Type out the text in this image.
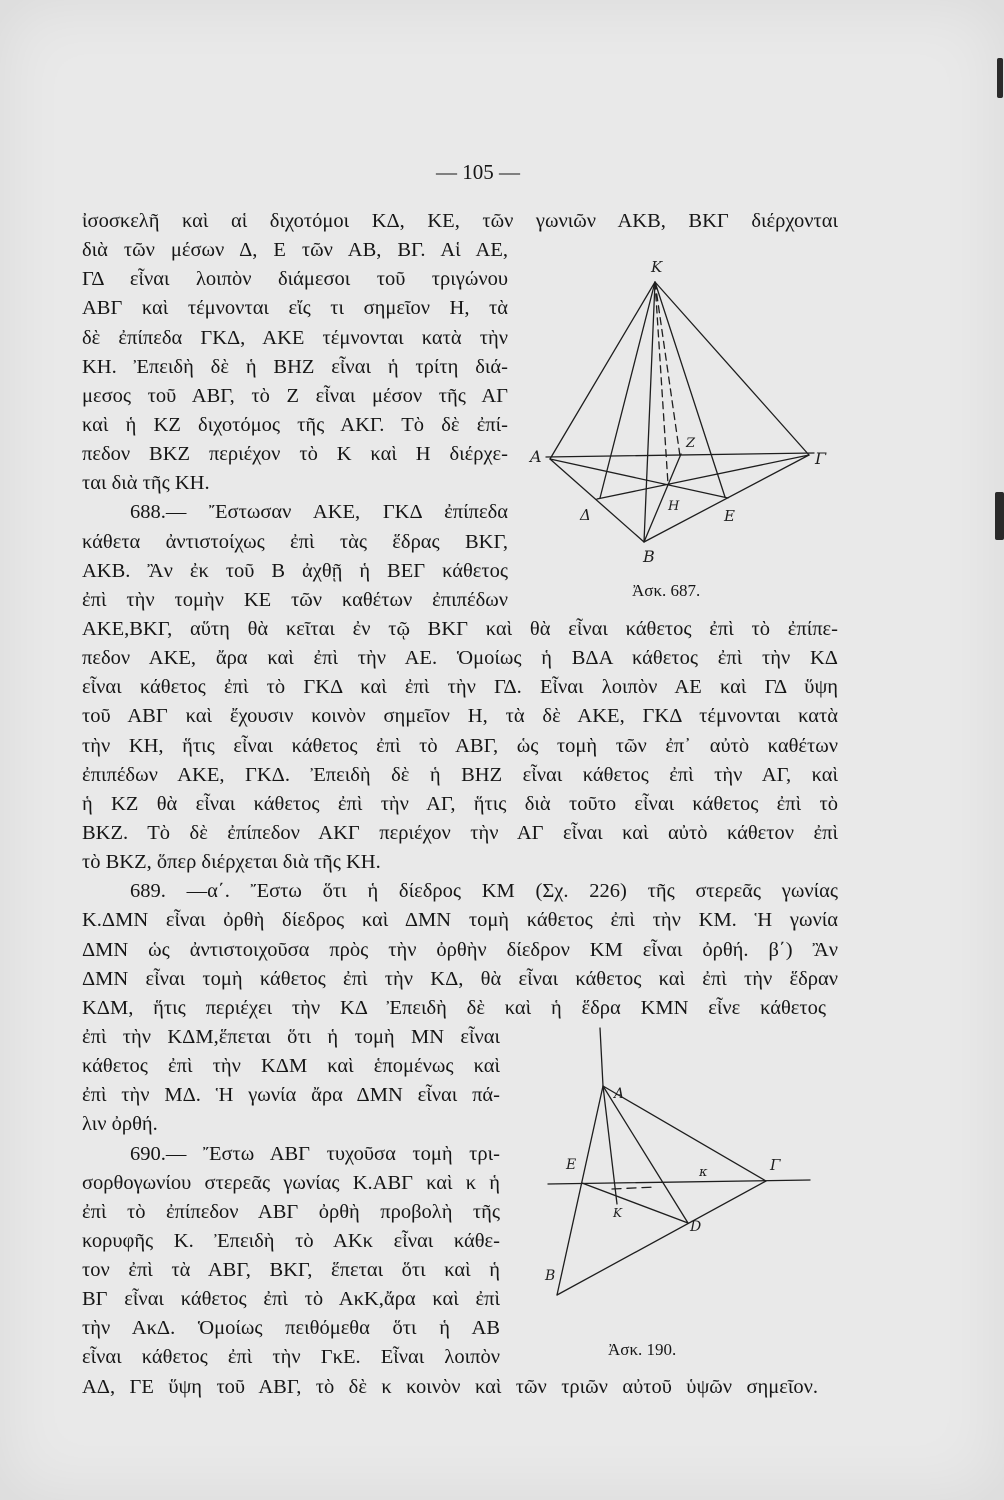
— 105 —
ἰσοσκελῆ καὶ αἱ διχοτόμοι ΚΔ, ΚΕ, τῶν γωνιῶν ΑΚΒ, ΒΚΓ διέρχονται
διὰ τῶν μέσων Δ, Ε τῶν ΑΒ, ΒΓ. Αἱ ΑΕ,
ΓΔ εἶναι λοιπὸν διάμεσοι τοῦ τριγώνου
ΑΒΓ καὶ τέμνονται εἴς τι σημεῖον Η, τὰ
δὲ ἐπίπεδα ΓΚΔ, ΑΚΕ τέμνονται κατὰ τὴν
ΚΗ. Ἐπειδὴ δὲ ἡ ΒΗΖ εἶναι ἡ τρίτη διά-
μεσος τοῦ ΑΒΓ, τὸ Ζ εἶναι μέσον τῆς ΑΓ
καὶ ἡ ΚΖ διχοτόμος τῆς ΑΚΓ. Τὸ δὲ ἐπί-
πεδον ΒΚΖ περιέχον τὸ Κ καὶ Η διέρχε-
ται διὰ τῆς ΚΗ.
688.— Ἔστωσαν ΑΚΕ, ΓΚΔ ἐπίπεδα
κάθετα ἀντιστοίχως ἐπὶ τὰς ἕδρας ΒΚΓ,
ΑΚΒ. Ἂν ἐκ τοῦ Β ἀχθῇ ἡ ΒΕΓ κάθετος
ἐπὶ τὴν τομὴν ΚΕ τῶν καθέτων ἐπιπέδων
ΑΚΕ,ΒΚΓ, αὕτη θὰ κεῖται ἐν τῷ ΒΚΓ καὶ θὰ εἶναι κάθετος ἐπὶ τὸ ἐπίπε-
πεδον ΑΚΕ, ἄρα καὶ ἐπὶ τὴν ΑΕ. Ὁμοίως ἡ ΒΔΑ κάθετος ἐπὶ τὴν ΚΔ
εἶναι κάθετος ἐπὶ τὸ ΓΚΔ καὶ ἐπὶ τὴν ΓΔ. Εἶναι λοιπὸν ΑΕ καὶ ΓΔ ὕψη
τοῦ ΑΒΓ καὶ ἔχουσιν κοινὸν σημεῖον Η, τὰ δὲ ΑΚΕ, ΓΚΔ τέμνονται κατὰ
τὴν ΚΗ, ἥτις εἶναι κάθετος ἐπὶ τὸ ΑΒΓ, ὡς τομὴ τῶν ἐπ᾽ αὐτὸ καθέτων
ἐπιπέδων ΑΚΕ, ΓΚΔ. Ἐπειδὴ δὲ ἡ ΒΗΖ εἶναι κάθετος ἐπὶ τὴν ΑΓ, καὶ
ἡ ΚΖ θὰ εἶναι κάθετος ἐπὶ τὴν ΑΓ, ἥτις διὰ τοῦτο εἶναι κάθετος ἐπὶ τὸ
ΒΚΖ. Τὸ δὲ ἐπίπεδον ΑΚΓ περιέχον τὴν ΑΓ εἶναι καὶ αὐτὸ κάθετον ἐπὶ
τὸ ΒΚΖ, ὅπερ διέρχεται διὰ τῆς ΚΗ.
689. —α΄. Ἔστω ὅτι ἡ δίεδρος ΚΜ (Σχ. 226) τῆς στερεᾶς γωνίας
Κ.ΔΜΝ εἶναι ὀρθὴ δίεδρος καὶ ΔΜΝ τομὴ κάθετος ἐπὶ τὴν ΚΜ. Ἡ γωνία
ΔΜΝ ὡς ἀντιστοιχοῦσα πρὸς τὴν ὀρθὴν δίεδρον ΚΜ εἶναι ὀρθή. β΄) Ἂν
ΔΜΝ εἶναι τομὴ κάθετος ἐπὶ τὴν ΚΔ, θὰ εἶναι κάθετος καὶ ἐπὶ τὴν ἕδραν
ΚΔΜ, ἥτις περιέχει τὴν ΚΔ Ἐπειδὴ δὲ καὶ ἡ ἕδρα ΚΜΝ εἶνε κάθετος
ἐπὶ τὴν ΚΔΜ,ἕπεται ὅτι ἡ τομὴ ΜΝ εἶναι
κάθετος ἐπὶ τὴν ΚΔΜ καὶ ἑπομένως καὶ
ἐπὶ τὴν ΜΔ. Ἡ γωνία ἄρα ΔΜΝ εἶναι πά-
λιν ὀρθή.
690.— Ἔστω ΑΒΓ τυχοῦσα τομὴ τρι-
σορθογωνίου στερεᾶς γωνίας Κ.ΑΒΓ καὶ κ ἡ
ἐπὶ τὸ ἐπίπεδον ΑΒΓ ὀρθὴ προβολὴ τῆς
κορυφῆς Κ. Ἐπειδὴ τὸ ΑΚκ εἶναι κάθε-
τον ἐπὶ τὰ ΑΒΓ, ΒΚΓ, ἕπεται ὅτι καὶ ἡ
ΒΓ εἶναι κάθετος ἐπὶ τὸ ΑκΚ,ἄρα καὶ ἐπὶ
τὴν ΑκΔ. Ὁμοίως πειθόμεθα ὅτι ἡ ΑΒ
εἶναι κάθετος ἐπὶ τὴν ΓκΕ. Εἶναι λοιπὸν
ΑΔ, ΓΕ ὕψη τοῦ ΑΒΓ, τὸ δὲ κ κοινὸν καὶ τῶν τριῶν αὐτοῦ ὑψῶν σημεῖον.
K
A	Γ
Δ	E
Z
H
B
Ἀσκ. 687.
A
E	Γ
κ
K
D
B
Ἀσκ. 190.
